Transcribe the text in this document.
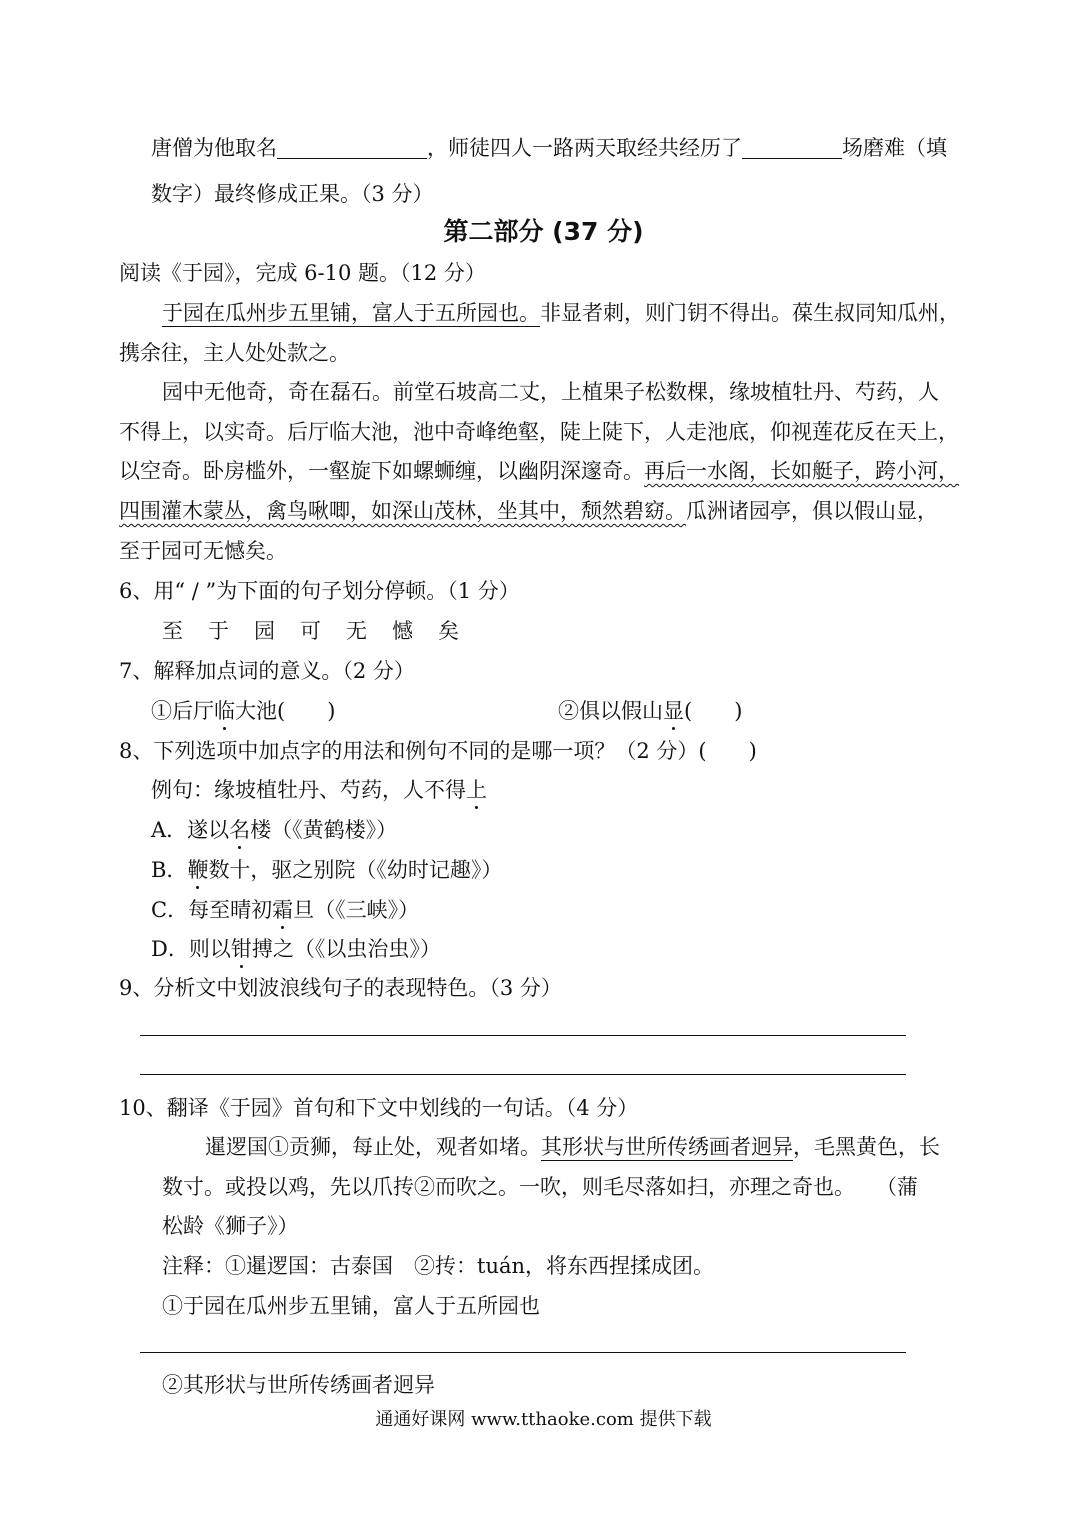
唐僧为他取名	，师徒四人一路两天取经共经历了	场磨难（填
数字）最终修成正果。（3 分）
第二部分 (37 分)
阅读《于园》，完成 6-10 题。（12 分）
于园在瓜州步五里铺，富人于五所园也。非显者刺，则门钥不得出。葆生叔同知瓜州，
携余往，主人处处款之。
园中无他奇，奇在磊石。前堂石坡高二丈，上植果子松数棵，缘坡植牡丹、芍药，人
不得上，以实奇。后厅临大池，池中奇峰绝壑，陡上陡下，人走池底，仰视莲花反在天上，
以空奇。卧房槛外，一壑旋下如螺蛳缠，以幽阴深邃奇。再后一水阁，长如艇子，跨小河，
四围灌木蒙丛，禽鸟啾唧，如深山茂林，坐其中，颓然碧窈。瓜洲诸园亭，俱以假山显，
至于园可无憾矣。
6、用“ / ”为下面的句子划分停顿。（1 分）
至 于 园 可 无 憾 矣
7、解释加点词的意义。（2 分）
①后厅临大池(　　)	②俱以假山显(　　)
8、下列选项中加点字的用法和例句不同的是哪一项？（2 分）(　　)
例句：缘坡植牡丹、芍药，人不得上
A．遂以名楼（《黄鹤楼》）
B．鞭数十，驱之别院（《幼时记趣》）
C．每至晴初霜旦（《三峡》）
D．则以钳搏之（《以虫治虫》）
9、分析文中划波浪线句子的表现特色。（3 分）
10、翻译《于园》首句和下文中划线的一句话。（4 分）
暹逻国①贡狮，每止处，观者如堵。其形状与世所传绣画者迥异，毛黑黄色，长
数寸。或投以鸡，先以爪抟②而吹之。一吹，则毛尽落如扫，亦理之奇也。　　（蒲
松龄《狮子》）
注释：①暹逻国：古泰国　②抟：tuán，将东西捏揉成团。
①于园在瓜州步五里铺，富人于五所园也
②其形状与世所传绣画者迥异
通通好课网 www.tthaoke.com 提供下载
